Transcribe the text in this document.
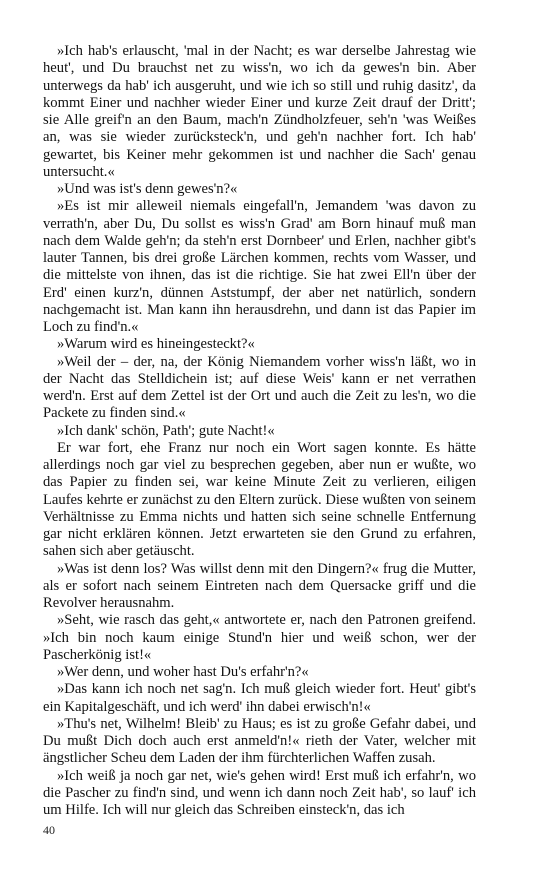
»Ich hab's erlauscht, 'mal in der Nacht; es war derselbe Jahrestag wie heut', und Du brauchst net zu wiss'n, wo ich da gewes'n bin. Aber unterwegs da hab' ich ausgeruht, und wie ich so still und ruhig dasitz', da kommt Einer und nachher wieder Einer und kurze Zeit drauf der Dritt'; sie Alle greif'n an den Baum, mach'n Zündholzfeuer, seh'n 'was Weißes an, was sie wieder zurücksteck'n, und geh'n nachher fort. Ich hab' gewartet, bis Keiner mehr gekommen ist und nachher die Sach' genau untersucht.«

»Und was ist's denn gewes'n?«

»Es ist mir alleweil niemals eingefall'n, Jemandem 'was davon zu verrath'n, aber Du, Du sollst es wiss'n Grad' am Born hinauf muß man nach dem Walde geh'n; da steh'n erst Dornbeer' und Erlen, nachher gibt's lauter Tannen, bis drei große Lärchen kommen, rechts vom Wasser, und die mittelste von ihnen, das ist die richtige. Sie hat zwei Ell'n über der Erd' einen kurz'n, dünnen Aststumpf, der aber net natürlich, sondern nachgemacht ist. Man kann ihn herausdrehn, und dann ist das Papier im Loch zu find'n.«

»Warum wird es hineingesteckt?«

»Weil der – der, na, der König Niemandem vorher wiss'n läßt, wo in der Nacht das Stelldichein ist; auf diese Weis' kann er net verrathen werd'n. Erst auf dem Zettel ist der Ort und auch die Zeit zu les'n, wo die Packete zu finden sind.«

»Ich dank' schön, Path'; gute Nacht!«

Er war fort, ehe Franz nur noch ein Wort sagen konnte. Es hätte allerdings noch gar viel zu besprechen gegeben, aber nun er wußte, wo das Papier zu finden sei, war keine Minute Zeit zu verlieren, eiligen Laufes kehrte er zunächst zu den Eltern zurück. Diese wußten von seinem Verhältnisse zu Emma nichts und hatten sich seine schnelle Entfernung gar nicht erklären können. Jetzt erwarteten sie den Grund zu erfahren, sahen sich aber getäuscht.

»Was ist denn los? Was willst denn mit den Dingern?« frug die Mutter, als er sofort nach seinem Eintreten nach dem Quersacke griff und die Revolver herausnahm.

»Seht, wie rasch das geht,« antwortete er, nach den Patronen greifend. »Ich bin noch kaum einige Stund'n hier und weiß schon, wer der Pascherkönig ist!«

»Wer denn, und woher hast Du's erfahr'n?«

»Das kann ich noch net sag'n. Ich muß gleich wieder fort. Heut' gibt's ein Kapitalgeschäft, und ich werd' ihn dabei erwisch'n!«

»Thu's net, Wilhelm! Bleib' zu Haus; es ist zu große Gefahr dabei, und Du mußt Dich doch auch erst anmeld'n!« rieth der Vater, welcher mit ängstlicher Scheu dem Laden der ihm fürchterlichen Waffen zusah.

»Ich weiß ja noch gar net, wie's gehen wird! Erst muß ich erfahr'n, wo die Pascher zu find'n sind, und wenn ich dann noch Zeit hab', so lauf' ich um Hilfe. Ich will nur gleich das Schreiben einsteck'n, das ich

40
